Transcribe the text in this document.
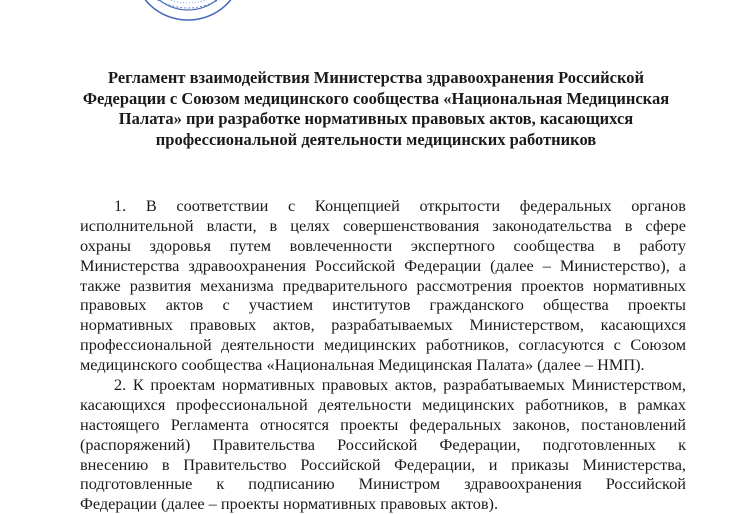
Регламент взаимодействия Министерства здравоохранения Российской
Федерации с Союзом медицинского сообщества «Национальная Медицинская
Палата» при разработке нормативных правовых актов, касающихся
профессиональной деятельности медицинских работников
1. В соответствии с Концепцией открытости федеральных органов
исполнительной власти, в целях совершенствования законодательства в сфере
охраны здоровья путем вовлеченности экспертного сообщества в работу
Министерства здравоохранения Российской Федерации (далее – Министерство), а
также развития механизма предварительного рассмотрения проектов нормативных
правовых актов с участием институтов гражданского общества проекты
нормативных правовых актов, разрабатываемых Министерством, касающихся
профессиональной деятельности медицинских работников, согласуются с Союзом
медицинского сообщества «Национальная Медицинская Палата» (далее – НМП).
2. К проектам нормативных правовых актов, разрабатываемых Министерством,
касающихся профессиональной деятельности медицинских работников, в рамках
настоящего Регламента относятся проекты федеральных законов, постановлений
(распоряжений) Правительства Российской Федерации, подготовленных к
внесению в Правительство Российской Федерации, и приказы Министерства,
подготовленные к подписанию Министром здравоохранения Российской
Федерации (далее – проекты нормативных правовых актов).
